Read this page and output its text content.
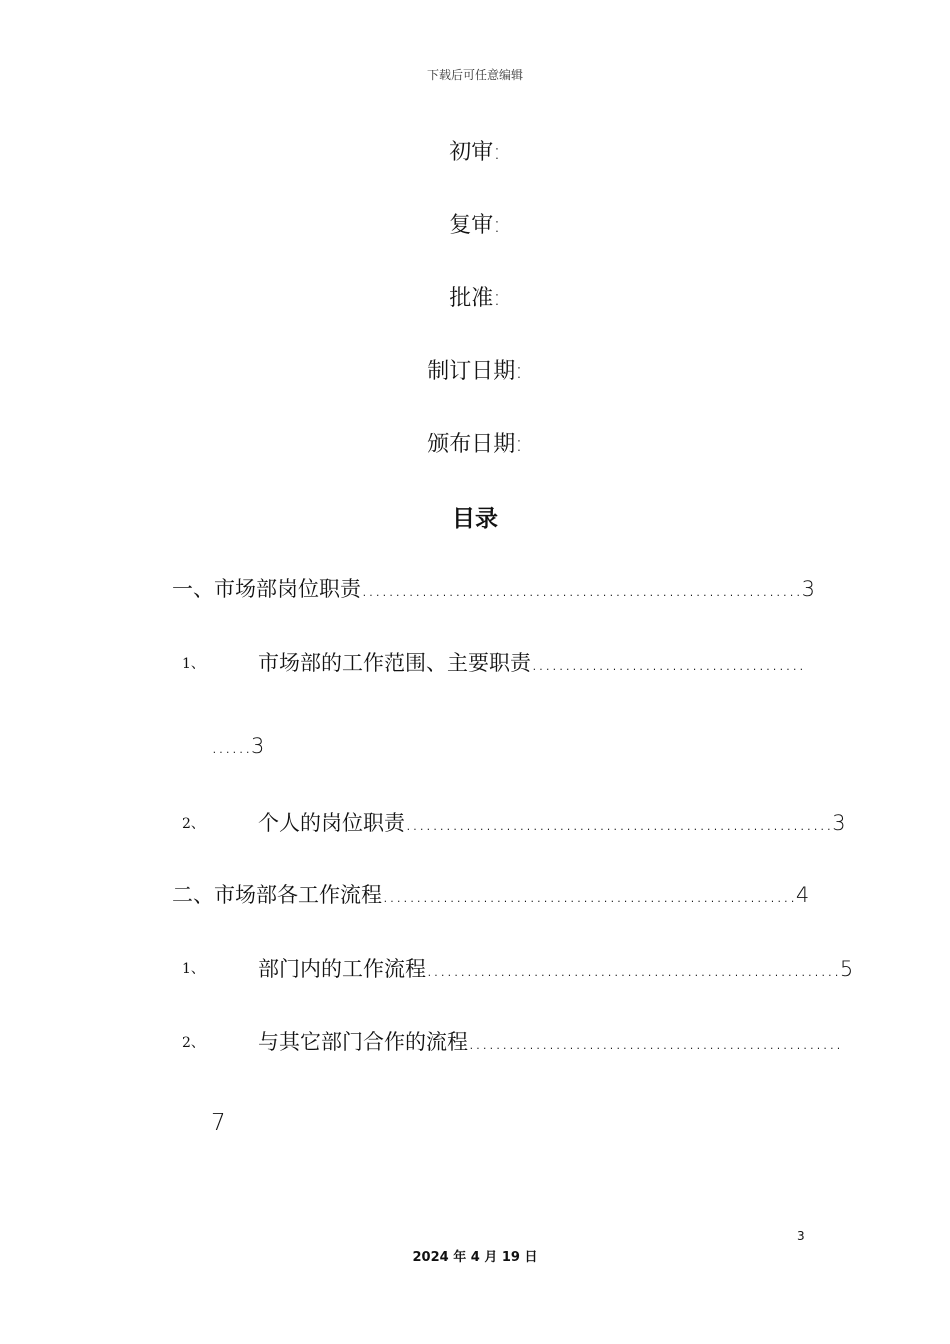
下载后可任意编辑
初审:
复审:
批准:
制订日期:
颁布日期:
目录
一、市场部岗位职责..................................................................3
1、	市场部的工作范围、主要职责.........................................
......3
2、	个人的岗位职责................................................................3
二、市场部各工作流程..............................................................4
1、	部门内的工作流程..............................................................5
2、	与其它部门合作的流程........................................................
7
3
2024 年 4 月 19 日
